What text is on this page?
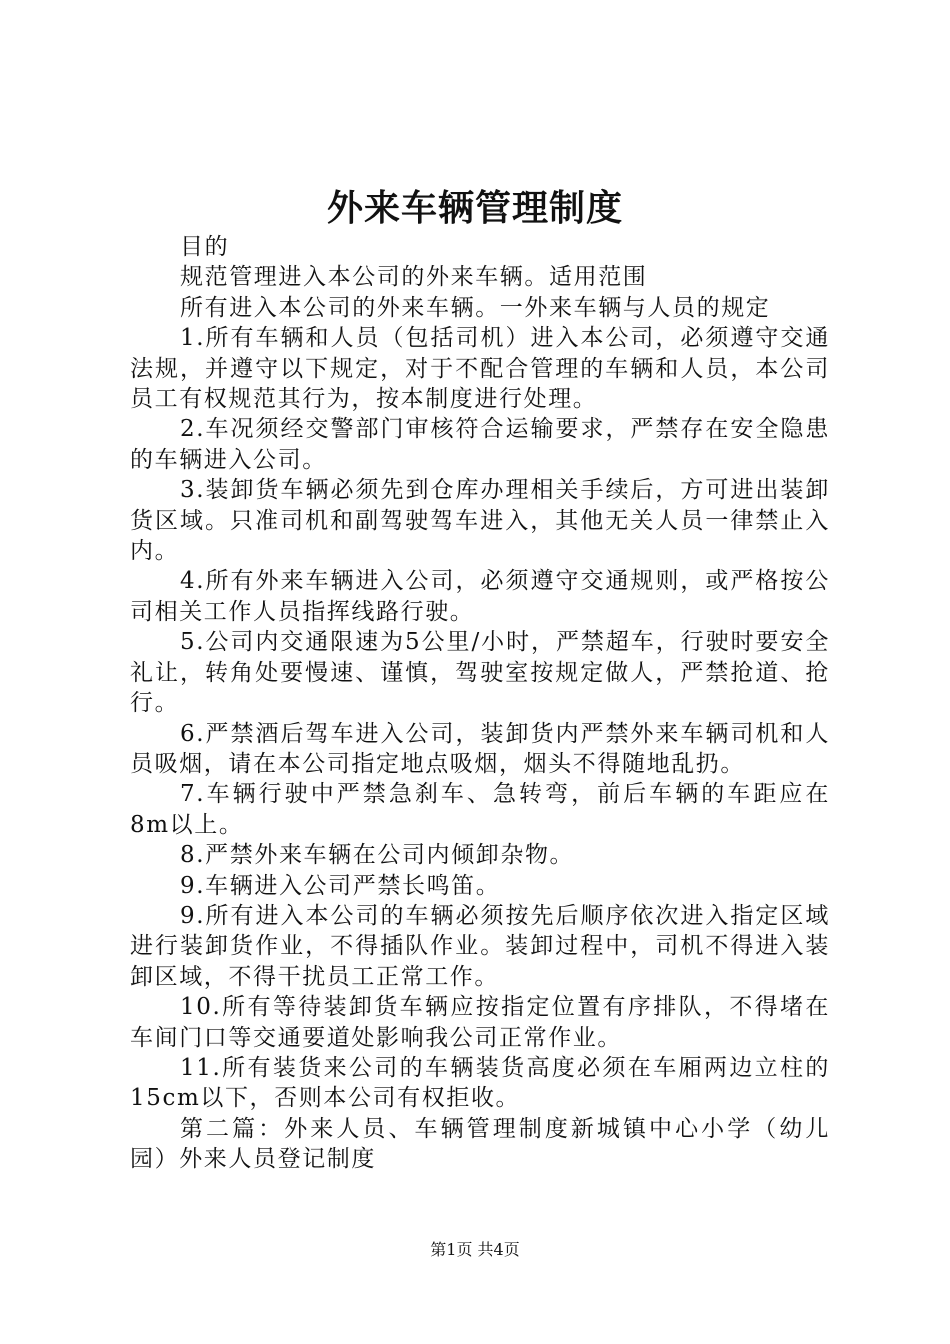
外来车辆管理制度

目的

规范管理进入本公司的外来车辆。适用范围

所有进入本公司的外来车辆。一外来车辆与人员的规定

1.所有车辆和人员（包括司机）进入本公司，必须遵守交通法规，并遵守以下规定，对于不配合管理的车辆和人员，本公司员工有权规范其行为，按本制度进行处理。

2.车况须经交警部门审核符合运输要求，严禁存在安全隐患的车辆进入公司。

3.装卸货车辆必须先到仓库办理相关手续后，方可进出装卸货区域。只准司机和副驾驶驾车进入，其他无关人员一律禁止入内。

4.所有外来车辆进入公司，必须遵守交通规则，或严格按公司相关工作人员指挥线路行驶。

5.公司内交通限速为5公里/小时，严禁超车，行驶时要安全礼让，转角处要慢速、谨慎，驾驶室按规定做人，严禁抢道、抢行。

6.严禁酒后驾车进入公司，装卸货内严禁外来车辆司机和人员吸烟，请在本公司指定地点吸烟，烟头不得随地乱扔。

7.车辆行驶中严禁急刹车、急转弯，前后车辆的车距应在8m以上。

8.严禁外来车辆在公司内倾卸杂物。

9.车辆进入公司严禁长鸣笛。

9.所有进入本公司的车辆必须按先后顺序依次进入指定区域进行装卸货作业，不得插队作业。装卸过程中，司机不得进入装卸区域，不得干扰员工正常工作。

10.所有等待装卸货车辆应按指定位置有序排队，不得堵在车间门口等交通要道处影响我公司正常作业。

11.所有装货来公司的车辆装货高度必须在车厢两边立柱的15cm以下，否则本公司有权拒收。

第二篇：外来人员、车辆管理制度新城镇中心小学（幼儿园）外来人员登记制度

第1页 共4页
